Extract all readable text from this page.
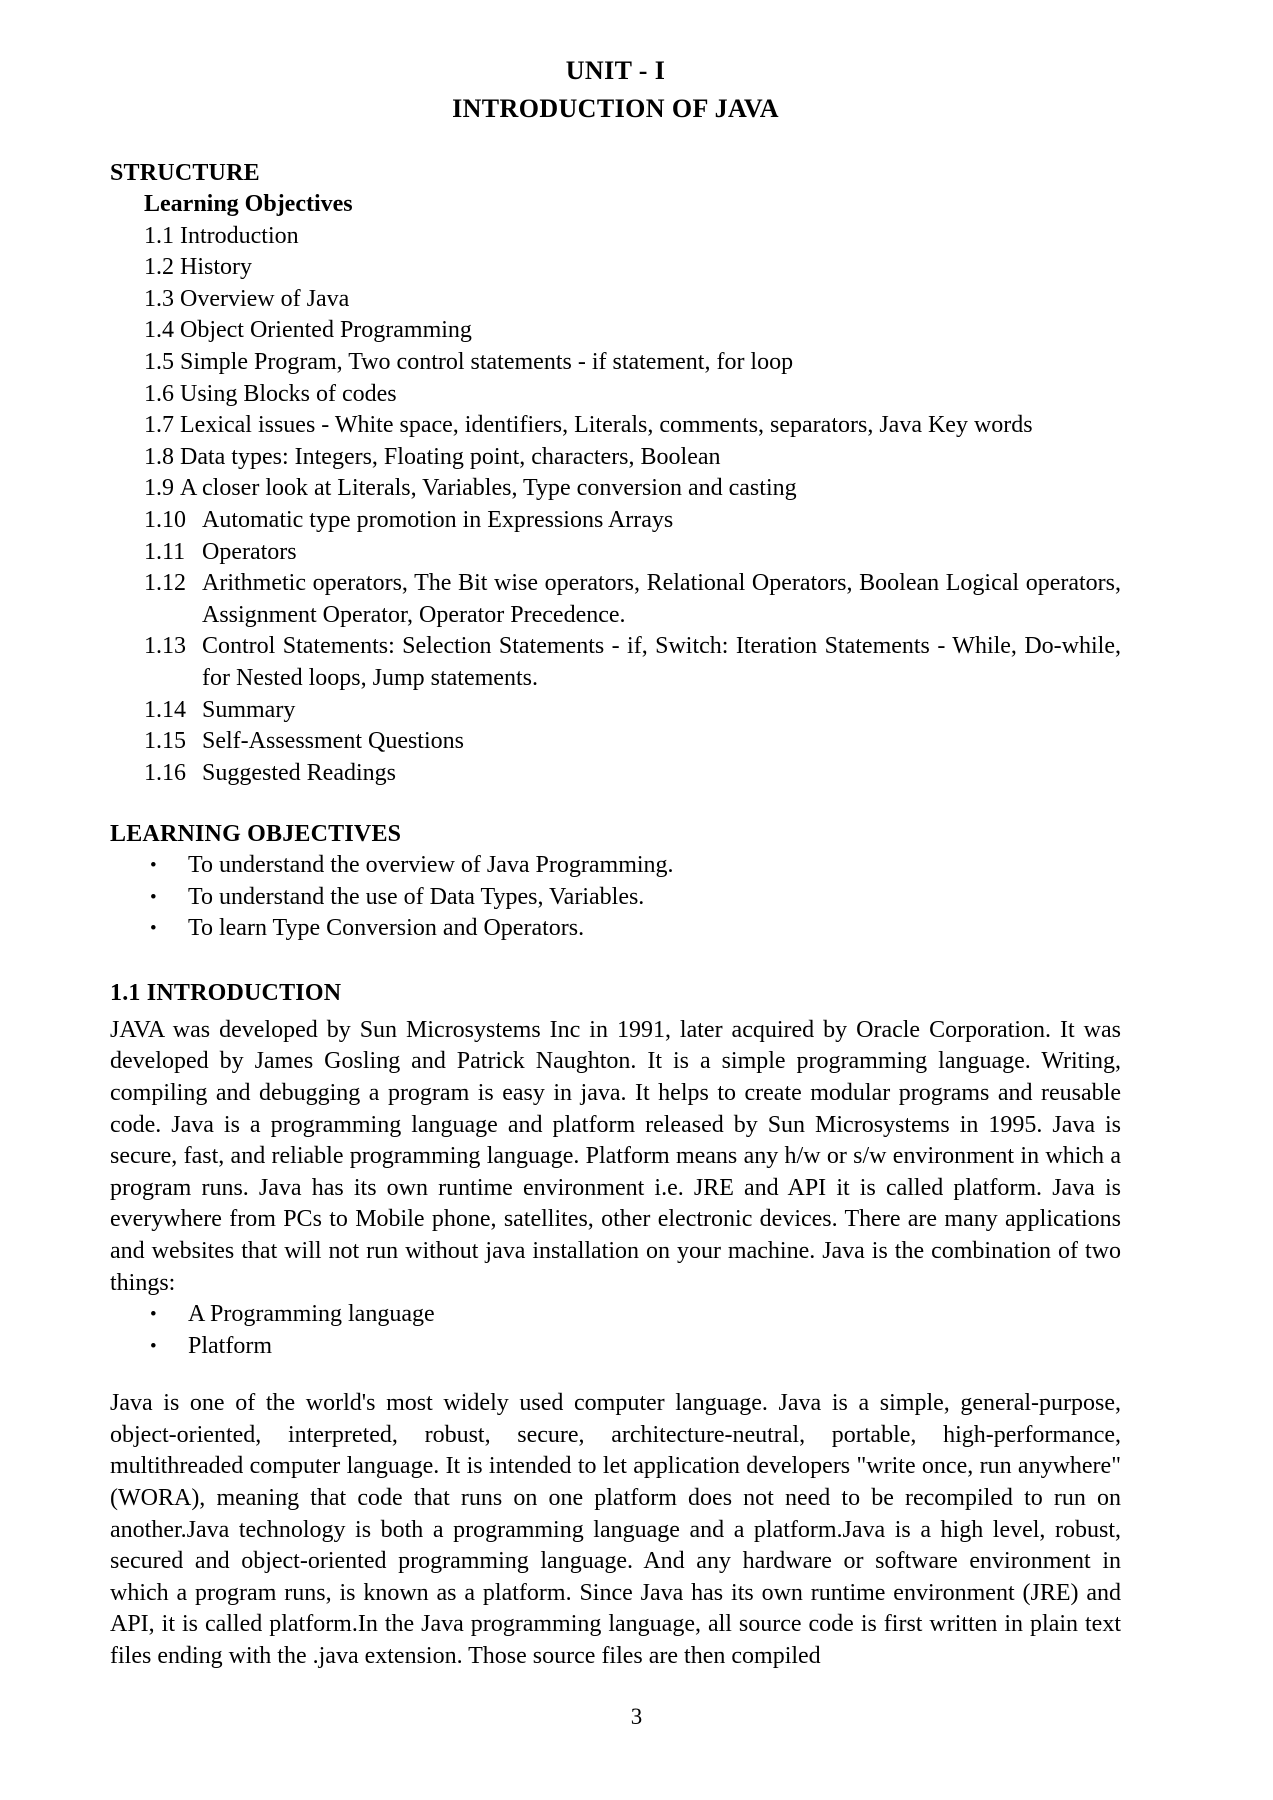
UNIT - I
INTRODUCTION OF JAVA
STRUCTURE
Learning Objectives
1.1 Introduction
1.2 History
1.3 Overview of Java
1.4 Object Oriented Programming
1.5 Simple Program, Two control statements - if statement, for loop
1.6 Using Blocks of codes
1.7 Lexical issues - White space, identifiers, Literals, comments, separators, Java Key words
1.8 Data types: Integers, Floating point, characters, Boolean
1.9 A closer look at Literals, Variables, Type conversion and casting
1.10 Automatic type promotion in Expressions Arrays
1.11 Operators
1.12 Arithmetic operators, The Bit wise operators, Relational Operators, Boolean Logical operators, Assignment Operator, Operator Precedence.
1.13 Control Statements: Selection Statements - if, Switch: Iteration Statements - While, Do-while, for Nested loops, Jump statements.
1.14 Summary
1.15 Self-Assessment Questions
1.16 Suggested Readings
LEARNING OBJECTIVES
• To understand the overview of Java Programming.
• To understand the use of Data Types, Variables.
• To learn Type Conversion and Operators.
1.1 INTRODUCTION

JAVA was developed by Sun Microsystems Inc in 1991, later acquired by Oracle Corporation. It was developed by James Gosling and Patrick Naughton. It is a simple programming language. Writing, compiling and debugging a program is easy in java. It helps to create modular programs and reusable code. Java is a programming language and platform released by Sun Microsystems in 1995. Java is secure, fast, and reliable programming language. Platform means any h/w or s/w environment in which a program runs. Java has its own runtime environment i.e. JRE and API it is called platform. Java is everywhere from PCs to Mobile phone, satellites, other electronic devices. There are many applications and websites that will not run without java installation on your machine. Java is the combination of two things:

• A Programming language
• Platform

Java is one of the world's most widely used computer language. Java is a simple, general-purpose, object-oriented, interpreted, robust, secure, architecture-neutral, portable, high-performance, multithreaded computer language. It is intended to let application developers "write once, run anywhere" (WORA), meaning that code that runs on one platform does not need to be recompiled to run on another.Java technology is both a programming language and a platform.Java is a high level, robust, secured and object-oriented programming language. And any hardware or software environment in which a program runs, is known as a platform. Since Java has its own runtime environment (JRE) and API, it is called platform.In the Java programming language, all source code is first written in plain text files ending with the .java extension. Those source files are then compiled

3
